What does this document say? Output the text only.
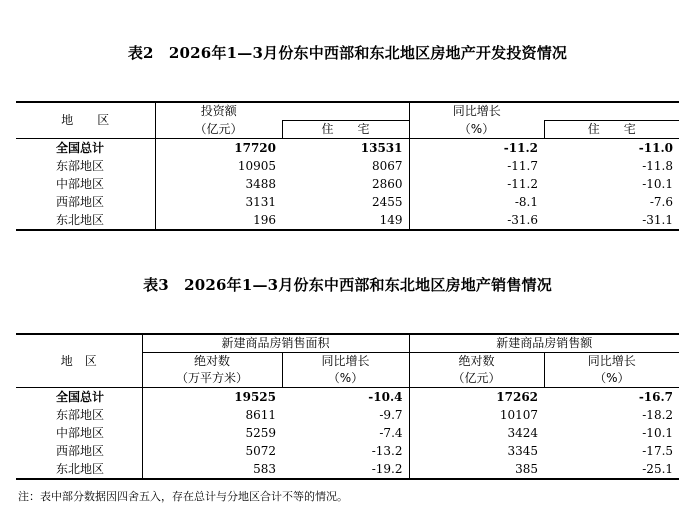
表2　2026年1—3月份东中西部和东北地区房地产开发投资情况
地　　区	投资额		同比增长	
	（亿元）	住　　宅	（%）	住　　宅
全国总计	17720	13531	-11.2	-11.0
东部地区	10905	8067	-11.7	-11.8
中部地区	3488	2860	-11.2	-10.1
西部地区	3131	2455	-8.1	-7.6
东北地区	196	149	-31.6	-31.1
表3　2026年1—3月份东中西部和东北地区房地产销售情况
地　区	新建商品房销售面积		新建商品房销售额	
	绝对数	同比增长	绝对数	同比增长
	（万平方米）	（%）	（亿元）	（%）
全国总计	19525	-10.4	17262	-16.7
东部地区	8611	-9.7	10107	-18.2
中部地区	5259	-7.4	3424	-10.1
西部地区	5072	-13.2	3345	-17.5
东北地区	583	-19.2	385	-25.1
注：表中部分数据因四舍五入，存在总计与分地区合计不等的情况。
